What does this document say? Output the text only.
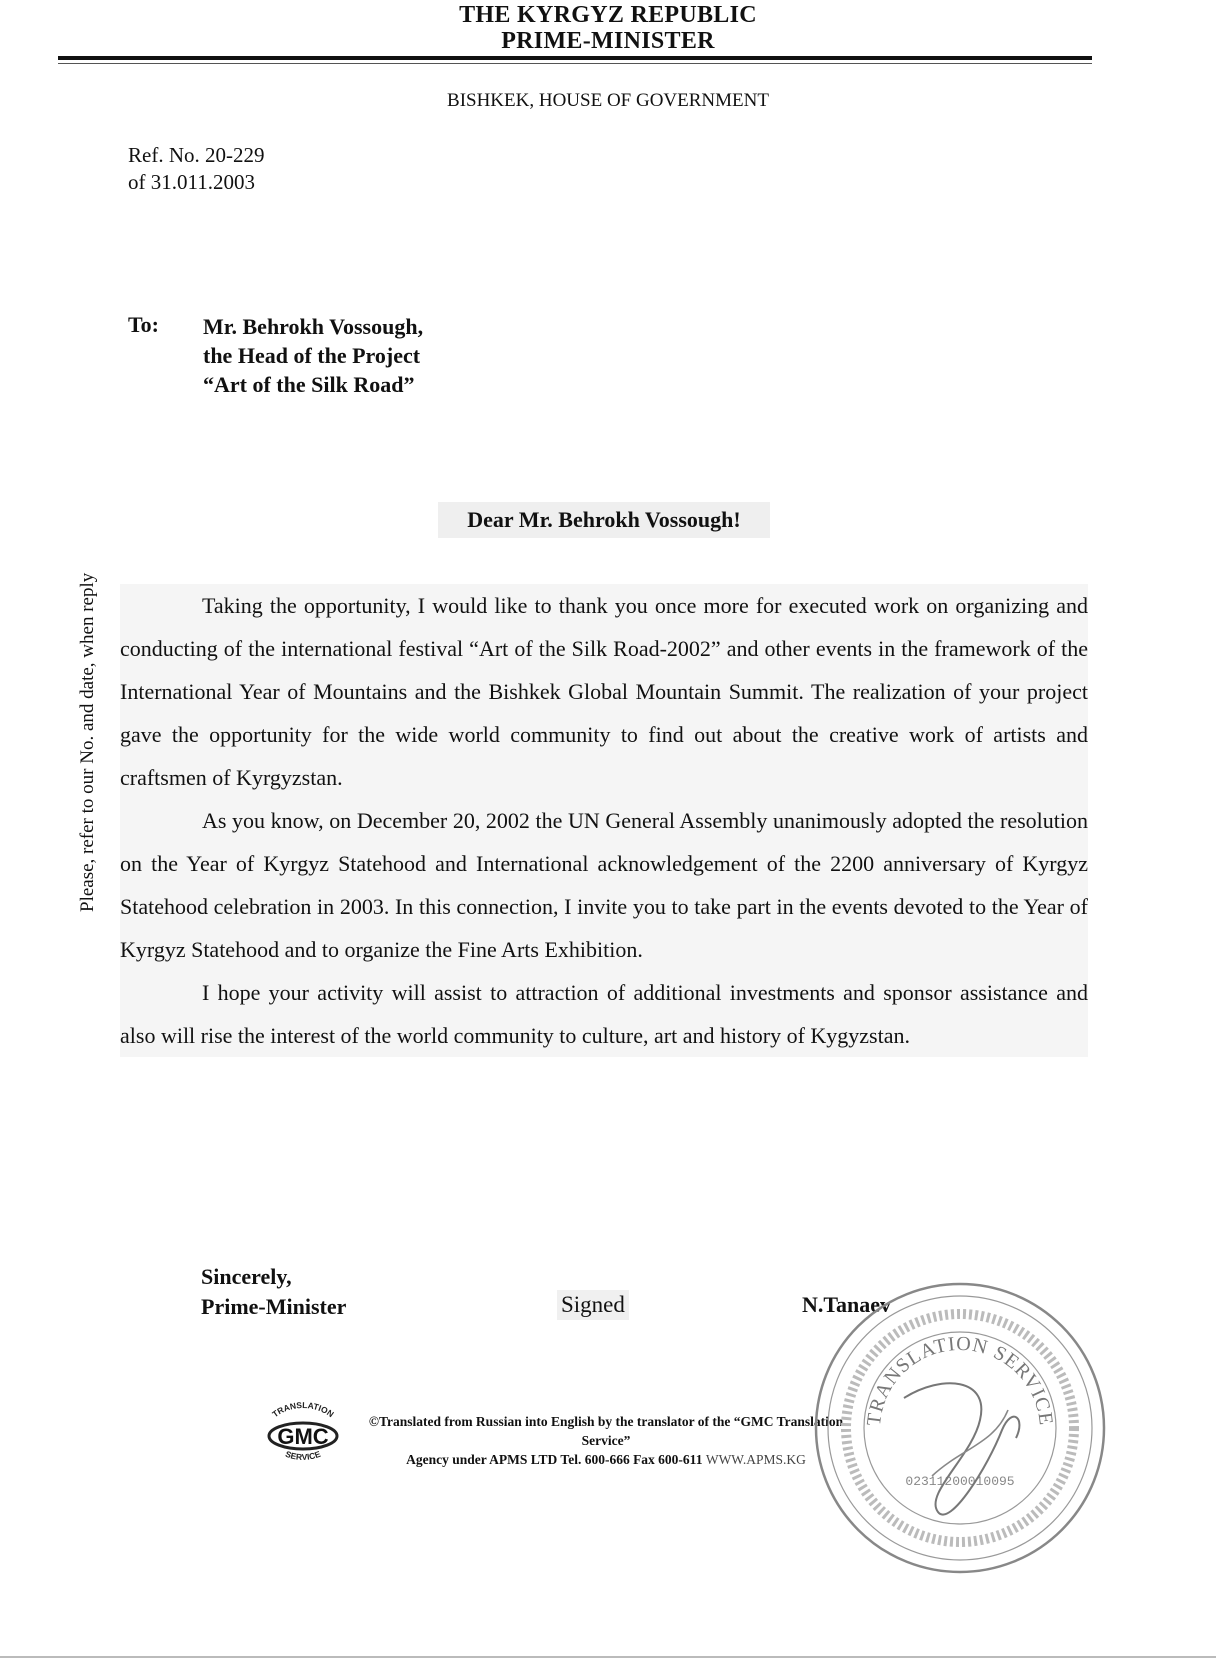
THE KYRGYZ REPUBLIC
PRIME-MINISTER
BISHKEK, HOUSE OF GOVERNMENT
Ref. No. 20-229
of 31.011.2003
To: Mr. Behrokh Vossough,
the Head of the Project
“Art of the Silk Road”
Please, refer to our No. and date, when reply
Dear Mr. Behrokh Vossough!

Taking the opportunity, I would like to thank you once more for executed work on organizing and conducting of the international festival “Art of the Silk Road-2002” and other events in the framework of the International Year of Mountains and the Bishkek Global Mountain Summit. The realization of your project gave the opportunity for the wide world community to find out about the creative work of artists and craftsmen of Kyrgyzstan.

As you know, on December 20, 2002 the UN General Assembly unanimously adopted the resolution on the Year of Kyrgyz Statehood and International acknowledgement of the 2200 anniversary of Kyrgyz Statehood celebration in 2003. In this connection, I invite you to take part in the events devoted to the Year of Kyrgyz Statehood and to organize the Fine Arts Exhibition.

I hope your activity will assist to attraction of additional investments and sponsor assistance and also will rise the interest of the world community to culture, art and history of Kygyzstan.

Sincerely,
Prime-Minister	Signed	N.Tanaev
TRANSLATION
GMC
SERVICE
©Translated from Russian into English by the translator of the “GMC Translation Service”
Agency under APMS LTD Tel. 600-666 Fax 600-611 WWW.APMS.KG
TRANSLATION SERVICE
02311200010095
